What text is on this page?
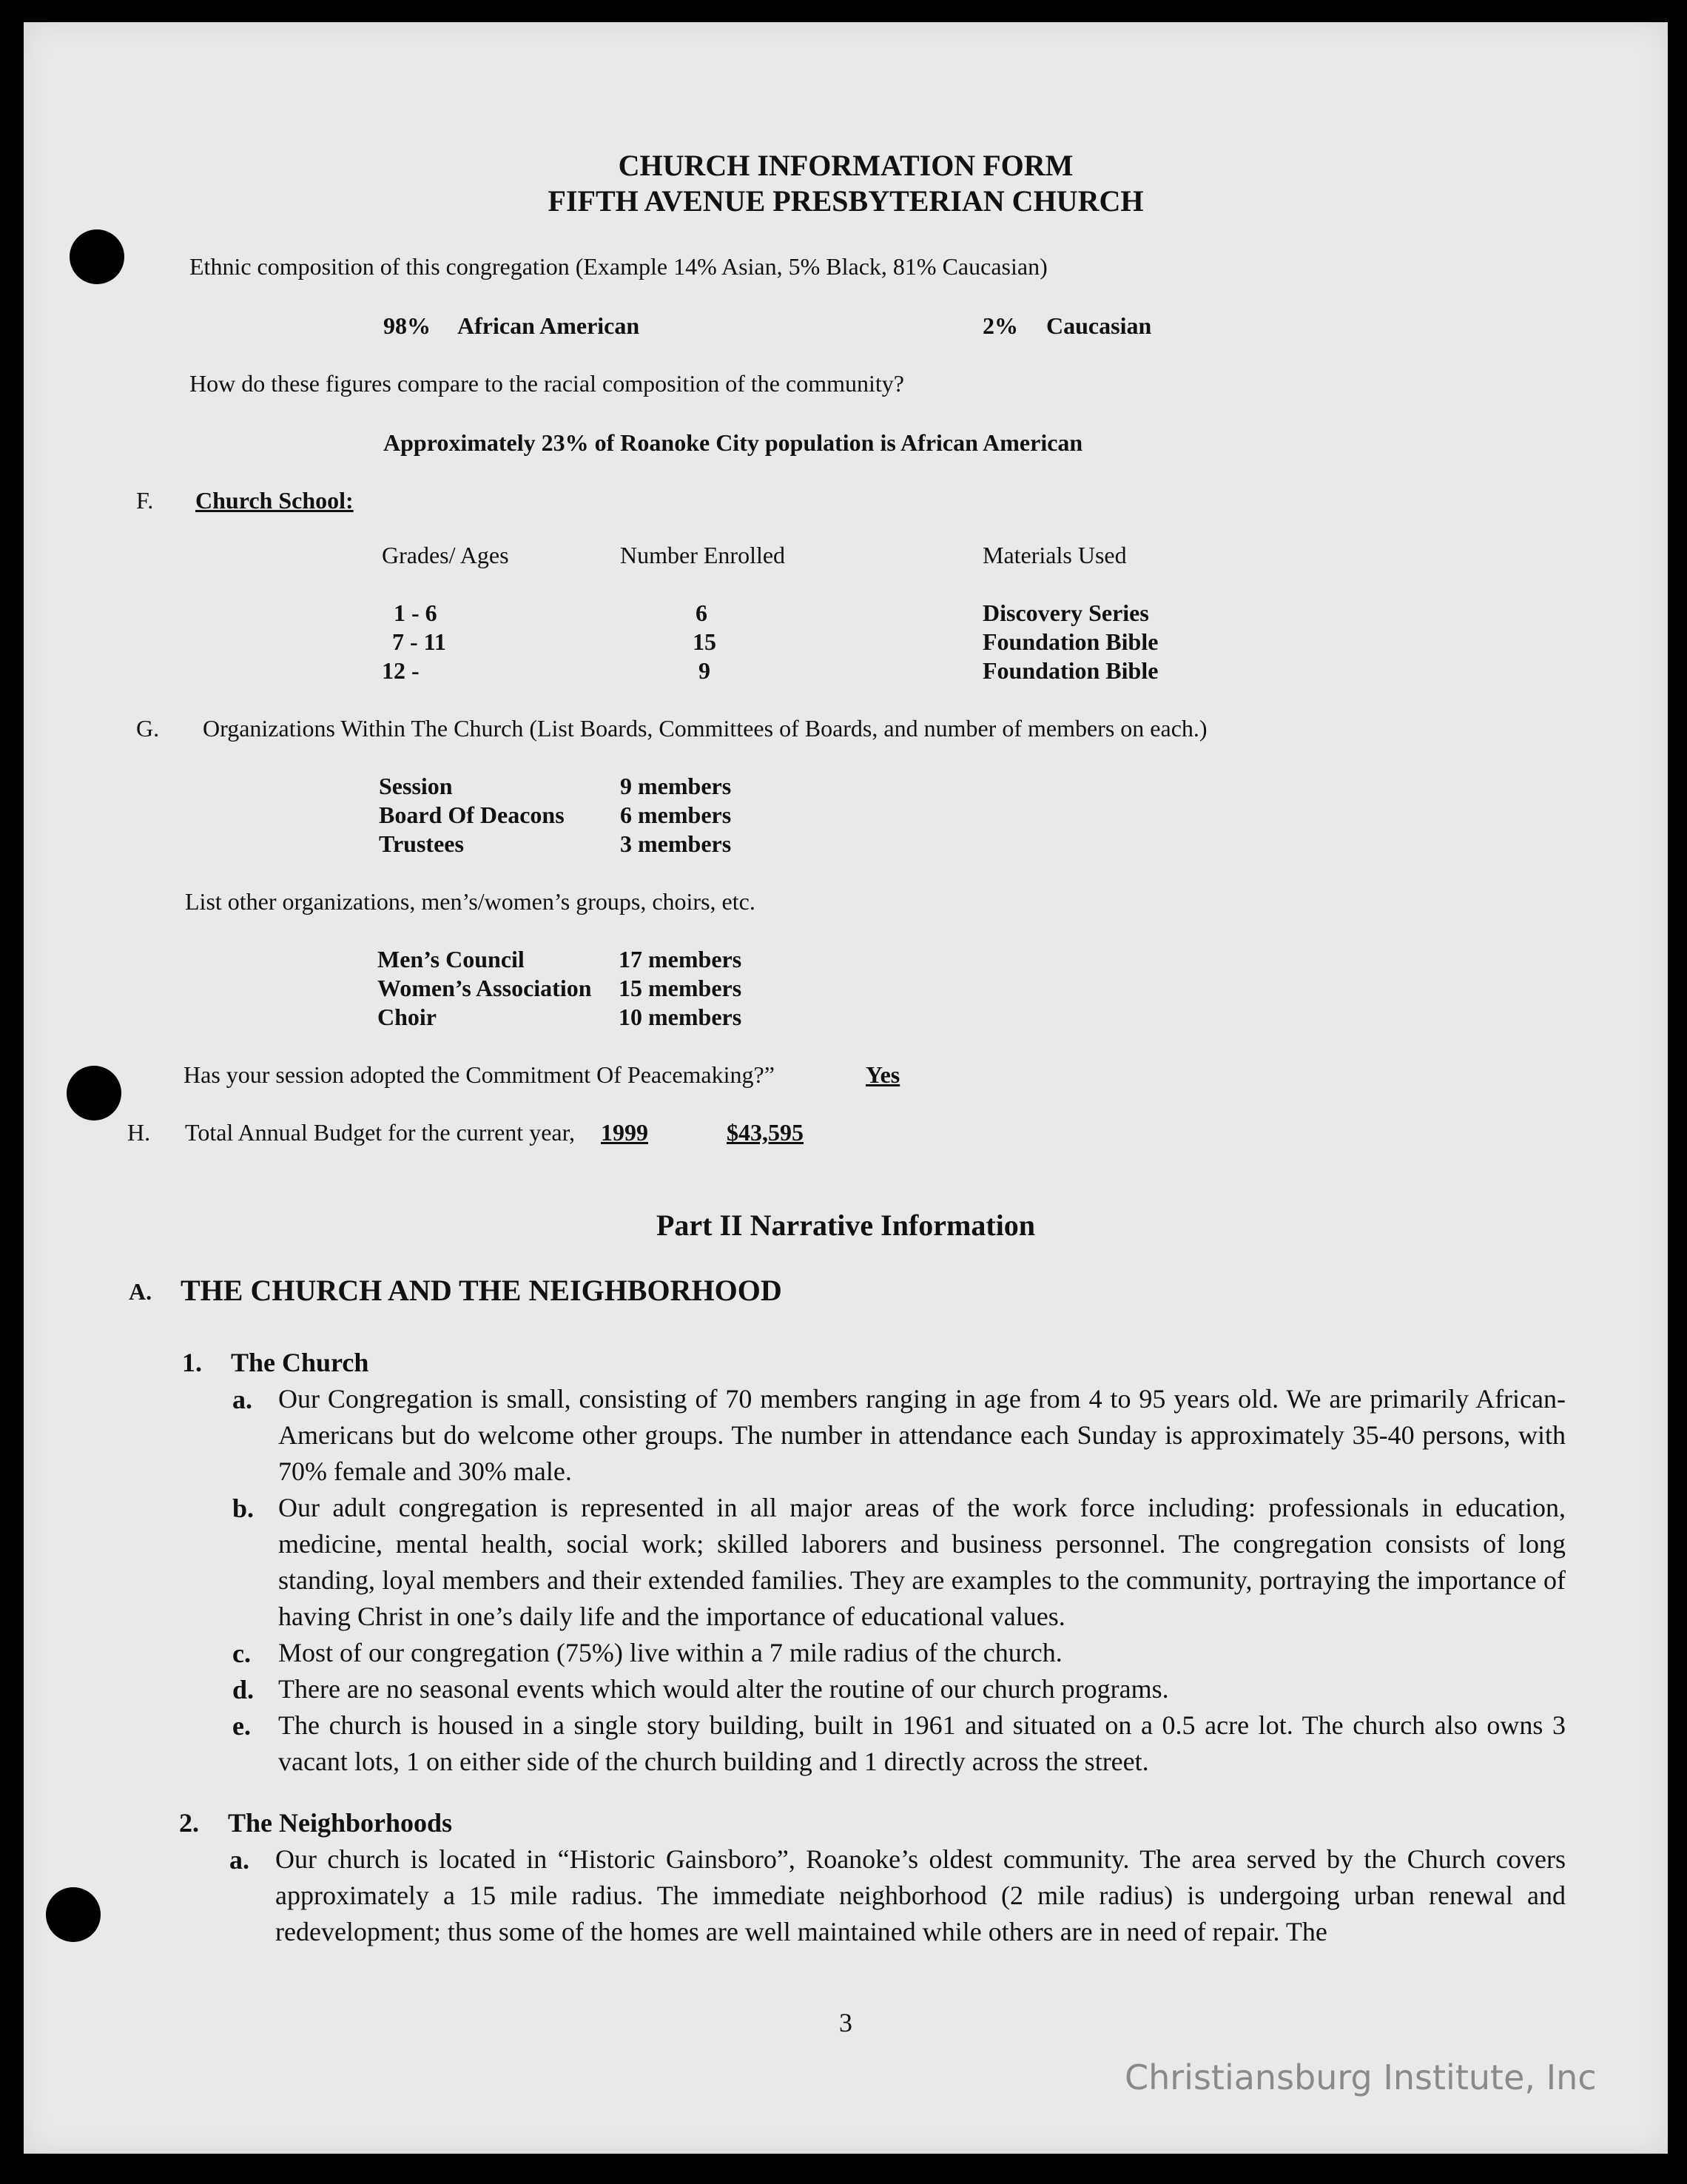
CHURCH INFORMATION FORM
FIFTH AVENUE PRESBYTERIAN CHURCH
Ethnic composition of this congregation (Example 14% Asian, 5% Black, 81% Caucasian)
98% African American	2% Caucasian
How do these figures compare to the racial composition of the community?
Approximately 23% of Roanoke City population is African American
F. Church School:
Grades/ Ages	Number Enrolled	Materials Used
1 - 6	6	Discovery Series
7 - 11	15	Foundation Bible
12 -	9	Foundation Bible
G. Organizations Within The Church (List Boards, Committees of Boards, and number of members on each.)
Session	9 members
Board Of Deacons 6 members
Trustees	3 members
List other organizations, men’s/women’s groups, choirs, etc.
Men’s Council	17 members
Women’s Association 15 members
Choir	10 members
Has your session adopted the Commitment Of Peacemaking?”	Yes
H. Total Annual Budget for the current year, 1999	$43,595
Part II Narrative Information
A. THE CHURCH AND THE NEIGHBORHOOD
1. The Church
a. Our Congregation is small, consisting of 70 members ranging in age from 4 to 95 years old. We are primarily African-Americans but do welcome other groups. The number in attendance each Sunday is approximately 35-40 persons, with 70% female and 30% male.
b. Our adult congregation is represented in all major areas of the work force including: professionals in education, medicine, mental health, social work; skilled laborers and business personnel. The congregation consists of long standing, loyal members and their extended families. They are examples to the community, portraying the importance of having Christ in one’s daily life and the importance of educational values.
c. Most of our congregation (75%) live within a 7 mile radius of the church.
d. There are no seasonal events which would alter the routine of our church programs.
e. The church is housed in a single story building, built in 1961 and situated on a 0.5 acre lot. The church also owns 3 vacant lots, 1 on either side of the church building and 1 directly across the street.
2. The Neighborhoods
a. Our church is located in “Historic Gainsboro”, Roanoke’s oldest community. The area served by the Church covers approximately a 15 mile radius. The immediate neighborhood (2 mile radius) is undergoing urban renewal and redevelopment; thus some of the homes are well maintained while others are in need of repair. The
3
Christiansburg Institute, Inc
